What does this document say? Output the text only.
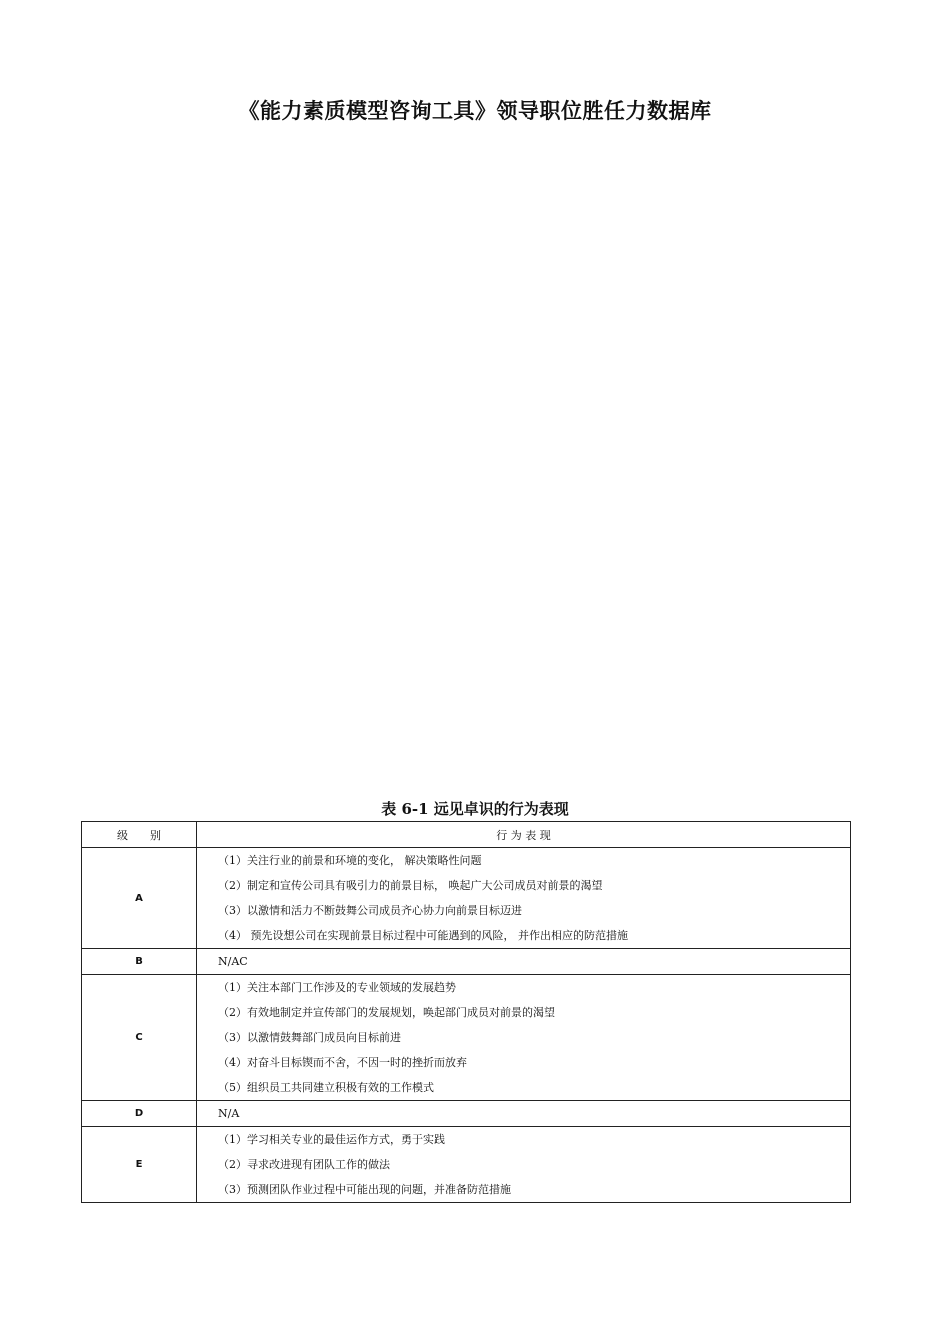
《能力素质模型咨询工具》领导职位胜任力数据库
表 6-1 远见卓识的行为表现
级　　别	行 为 表 现
A	（1）关注行业的前景和环境的变化， 解决策略性问题
（2）制定和宣传公司具有吸引力的前景目标， 唤起广大公司成员对前景的渴望
（3）以激情和活力不断鼓舞公司成员齐心协力向前景目标迈进
（4） 预先设想公司在实现前景目标过程中可能遇到的风险， 并作出相应的防范措施

B	N/AC

C	（1）关注本部门工作涉及的专业领域的发展趋势
（2）有效地制定并宣传部门的发展规划，唤起部门成员对前景的渴望
（3）以激情鼓舞部门成员向目标前进
（4）对奋斗目标锲而不舍，不因一时的挫折而放弃
（5）组织员工共同建立积极有效的工作模式

D	N/A

E	（1）学习相关专业的最佳运作方式，勇于实践
（2）寻求改进现有团队工作的做法
（3）预测团队作业过程中可能出现的问题，并准备防范措施
